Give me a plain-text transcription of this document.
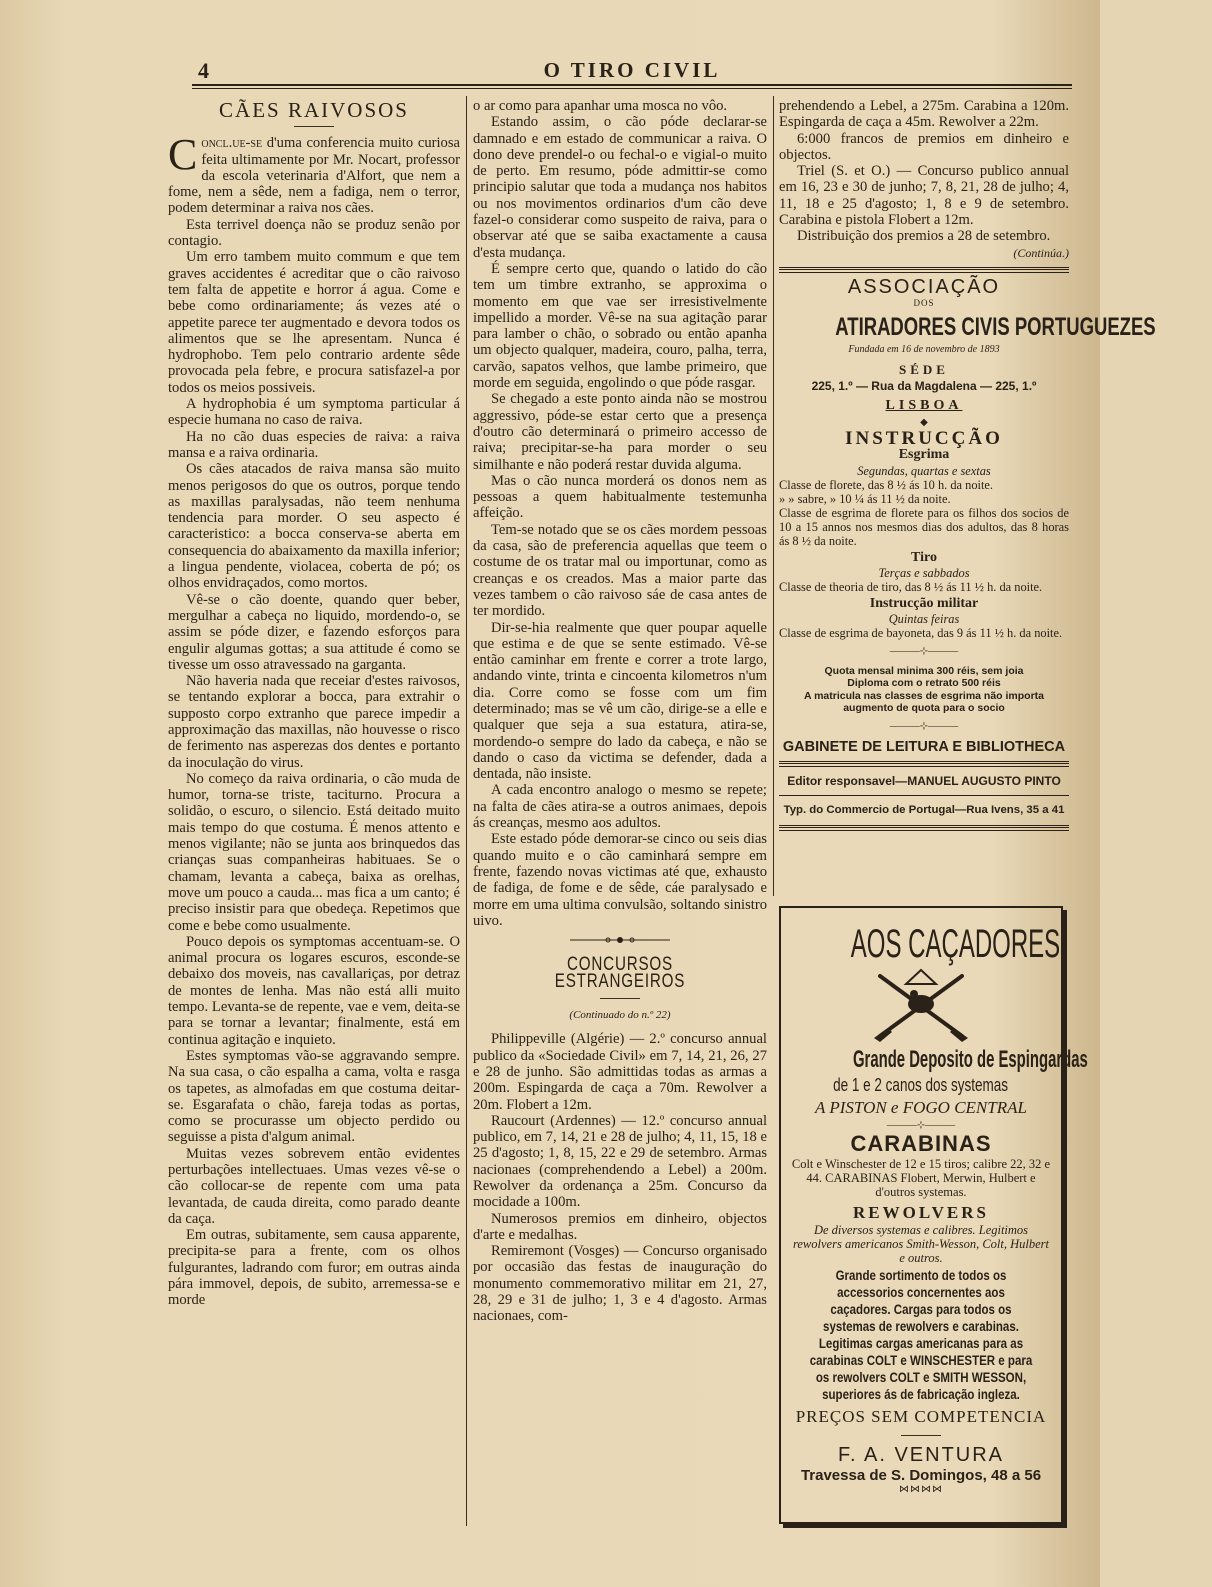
4	O TIRO CIVIL
CÃES RAIVOSOS

Concl.ue-se d'uma conferencia muito curiosa feita ultimamente por Mr. Nocart, professor da escola veterinaria d'Alfort, que nem a fome, nem a sêde, nem a fadiga, nem o terror, podem determinar a raiva nos cães.

Esta terrivel doença não se produz senão por contagio.

Um erro tambem muito commum e que tem graves accidentes é acreditar que o cão raivoso tem falta de appetite e horror á agua. Come e bebe como ordinariamente; ás vezes até o appetite parece ter augmentado e devora todos os alimentos que se lhe apresentam. Nunca é hydrophobo. Tem pelo contrario ardente sêde provocada pela febre, e procura satisfazel-a por todos os meios possiveis.

A hydrophobia é um symptoma particular á especie humana no caso de raiva.

Ha no cão duas especies de raiva: a raiva mansa e a raiva ordinaria.

Os cães atacados de raiva mansa são muito menos perigosos do que os outros, porque tendo as maxillas paralysadas, não teem nenhuma tendencia para morder. O seu aspecto é caracteristico: a bocca conserva-se aberta em consequencia do abaixamento da maxilla inferior; a lingua pendente, violacea, coberta de pó; os olhos envidraçados, como mortos.

Vê-se o cão doente, quando quer beber, mergulhar a cabeça no liquido, mordendo-o, se assim se póde dizer, e fazendo esforços para engulir algumas gottas; a sua attitude é como se tivesse um osso atravessado na garganta.

Não haveria nada que receiar d'estes raivosos, se tentando explorar a bocca, para extrahir o supposto corpo extranho que parece impedir a approximação das maxillas, não houvesse o risco de ferimento nas asperezas dos dentes e portanto da inoculação do virus.

No começo da raiva ordinaria, o cão muda de humor, torna-se triste, taciturno. Procura a solidão, o escuro, o silencio. Está deitado muito mais tempo do que costuma. É menos attento e menos vigilante; não se junta aos brinquedos das crianças suas companheiras habituaes. Se o chamam, levanta a cabeça, baixa as orelhas, move um pouco a cauda... mas fica a um canto; é preciso insistir para que obedeça. Repetimos que come e bebe como usualmente.

Pouco depois os symptomas accentuam-se. O animal procura os logares escuros, esconde-se debaixo dos moveis, nas cavallariças, por detraz de montes de lenha. Mas não está alli muito tempo. Levanta-se de repente, vae e vem, deita-se para se tornar a levantar; finalmente, está em continua agitação e inquieto.

Estes symptomas vão-se aggravando sempre. Na sua casa, o cão espalha a cama, volta e rasga os tapetes, as almofadas em que costuma deitar-se. Esgarafata o chão, fareja todas as portas, como se procurasse um objecto perdido ou seguisse a pista d'algum animal.

Muitas vezes sobrevem então evidentes perturbações intellectuaes. Umas vezes vê-se o cão collocar-se de repente com uma pata levantada, de cauda direita, como parado deante da caça.

Em outras, subitamente, sem causa apparente, precipita-se para a frente, com os olhos fulgurantes, ladrando com furor; em outras ainda pára immovel, depois, de subito, arremessa-se e morde

o ar como para apanhar uma mosca no vôo.

Estando assim, o cão póde declarar-se damnado e em estado de communicar a raiva. O dono deve prendel-o ou fechal-o e vigial-o muito de perto. Em resumo, póde admittir-se como principio salutar que toda a mudança nos habitos ou nos movimentos ordinarios d'um cão deve fazel-o considerar como suspeito de raiva, para o observar até que se saiba exactamente a causa d'esta mudança.

É sempre certo que, quando o latido do cão tem um timbre extranho, se approxima o momento em que vae ser irresistivelmente impellido a morder. Vê-se na sua agitação parar para lamber o chão, o sobrado ou então apanha um objecto qualquer, madeira, couro, palha, terra, carvão, sapatos velhos, que lambe primeiro, que morde em seguida, engolindo o que póde rasgar.

Se chegado a este ponto ainda não se mostrou aggressivo, póde-se estar certo que a presença d'outro cão determinará o primeiro accesso de raiva; precipitar-se-ha para morder o seu similhante e não poderá restar duvida alguma.

Mas o cão nunca morderá os donos nem as pessoas a quem habitualmente testemunha affeição.

Tem-se notado que se os cães mordem pessoas da casa, são de preferencia aquellas que teem o costume de os tratar mal ou importunar, como as creanças e os creados. Mas a maior parte das vezes tambem o cão raivoso sáe de casa antes de ter mordido.

Dir-se-hia realmente que quer poupar aquelle que estima e de que se sente estimado. Vê-se então caminhar em frente e correr a trote largo, andando vinte, trinta e cincoenta kilometros n'um dia. Corre como se fosse com um fim determinado; mas se vê um cão, dirige-se a elle e qualquer que seja a sua estatura, atira-se, mordendo-o sempre do lado da cabeça, e não se dando o caso da victima se defender, dada a dentada, não insiste.

A cada encontro analogo o mesmo se repete; na falta de cães atira-se a outros animaes, depois ás creanças, mesmo aos adultos.

Este estado póde demorar-se cinco ou seis dias quando muito e o cão caminhará sempre em frente, fazendo novas victimas até que, exhausto de fadiga, de fome e de sêde, cáe paralysado e morre em uma ultima convulsão, soltando sinistro uivo.

CONCURSOS ESTRANGEIROS
(Continuado do n.º 22)

Philippeville (Algérie) — 2.º concurso annual publico da «Sociedade Civil» em 7, 14, 21, 26, 27 e 28 de junho. São admittidas todas as armas a 200m. Espingarda de caça a 70m. Rewolver a 20m. Flobert a 12m.

Raucourt (Ardennes) — 12.º concurso annual publico, em 7, 14, 21 e 28 de julho; 4, 11, 15, 18 e 25 d'agosto; 1, 8, 15, 22 e 29 de setembro. Armas nacionaes (comprehendendo a Lebel) a 200m. Rewolver da ordenança a 25m. Concurso da mocidade a 100m.

Numerosos premios em dinheiro, objectos d'arte e medalhas.

Remiremont (Vosges) — Concurso organisado por occasião das festas de inauguração do monumento commemorativo militar em 21, 27, 28, 29 e 31 de julho; 1, 3 e 4 d'agosto. Armas nacionaes, com-

prehendendo a Lebel, a 275m. Carabina a 120m. Espingarda de caça a 45m. Rewolver a 22m.

6:000 francos de premios em dinheiro e objectos.

Triel (S. et O.) — Concurso publico annual em 16, 23 e 30 de junho; 7, 8, 21, 28 de julho; 4, 11, 18 e 25 d'agosto; 1, 8 e 9 de setembro. Carabina e pistola Flobert a 12m.

Distribuição dos premios a 28 de setembro.

(Continúa.)
ASSOCIAÇÃO
DOS
ATIRADORES CIVIS PORTUGUEZES
Fundada em 16 de novembro de 1893
SÉDE
225, 1.º — Rua da Magdalena — 225, 1.º
LISBOA
◆
INSTRUCÇÃO
Esgrima
Segundas, quartas e sextas
Classe de florete, das 8 ½ ás 10 h. da noite.
» » sabre, » 10 ¼ ás 11 ½ da noite.
Classe de esgrima de florete para os filhos dos socios de 10 a 15 annos nos mesmos dias dos adultos, das 8 horas ás 8 ½ da noite.
Tiro
Terças e sabbados
Classe de theoria de tiro, das 8 ½ ás 11 ½ h. da noite.
Instrucção militar
Quintas feiras
Classe de esgrima de bayoneta, das 9 ás 11 ½ h. da noite.
———⊹———
Quota mensal minima 300 réis, sem joia
Diploma com o retrato 500 réis
A matricula nas classes de esgrima não importa augmento de quota para o socio
———⊹———
GABINETE DE LEITURA E BIBLIOTHECA
Editor responsavel—MANUEL AUGUSTO PINTO
Typ. do Commercio de Portugal—Rua Ivens, 35 a 41
AOS CAÇADORES
Grande Deposito de Espingardas
de 1 e 2 canos dos systemas
A PISTON e FOGO CENTRAL
———⊹———
CARABINAS
Colt e Winschester de 12 e 15 tiros; calibre 22, 32 e 44. CARABINAS Flobert, Merwin, Hulbert e d'outros systemas.
REWOLVERS
De diversos systemas e calibres. Legitimos rewolvers americanos Smith-Wesson, Colt, Hulbert e outros.
Grande sortimento de todos os accessorios concernentes aos caçadores. Cargas para todos os systemas de rewolvers e carabinas. Legitimas cargas americanas para as carabinas COLT e WINSCHESTER e para os rewolvers COLT e SMITH WESSON, superiores ás de fabricação ingleza.
PREÇOS SEM COMPETENCIA
F. A. VENTURA
Travessa de S. Domingos, 48 a 56
⋈⋈⋈⋈
